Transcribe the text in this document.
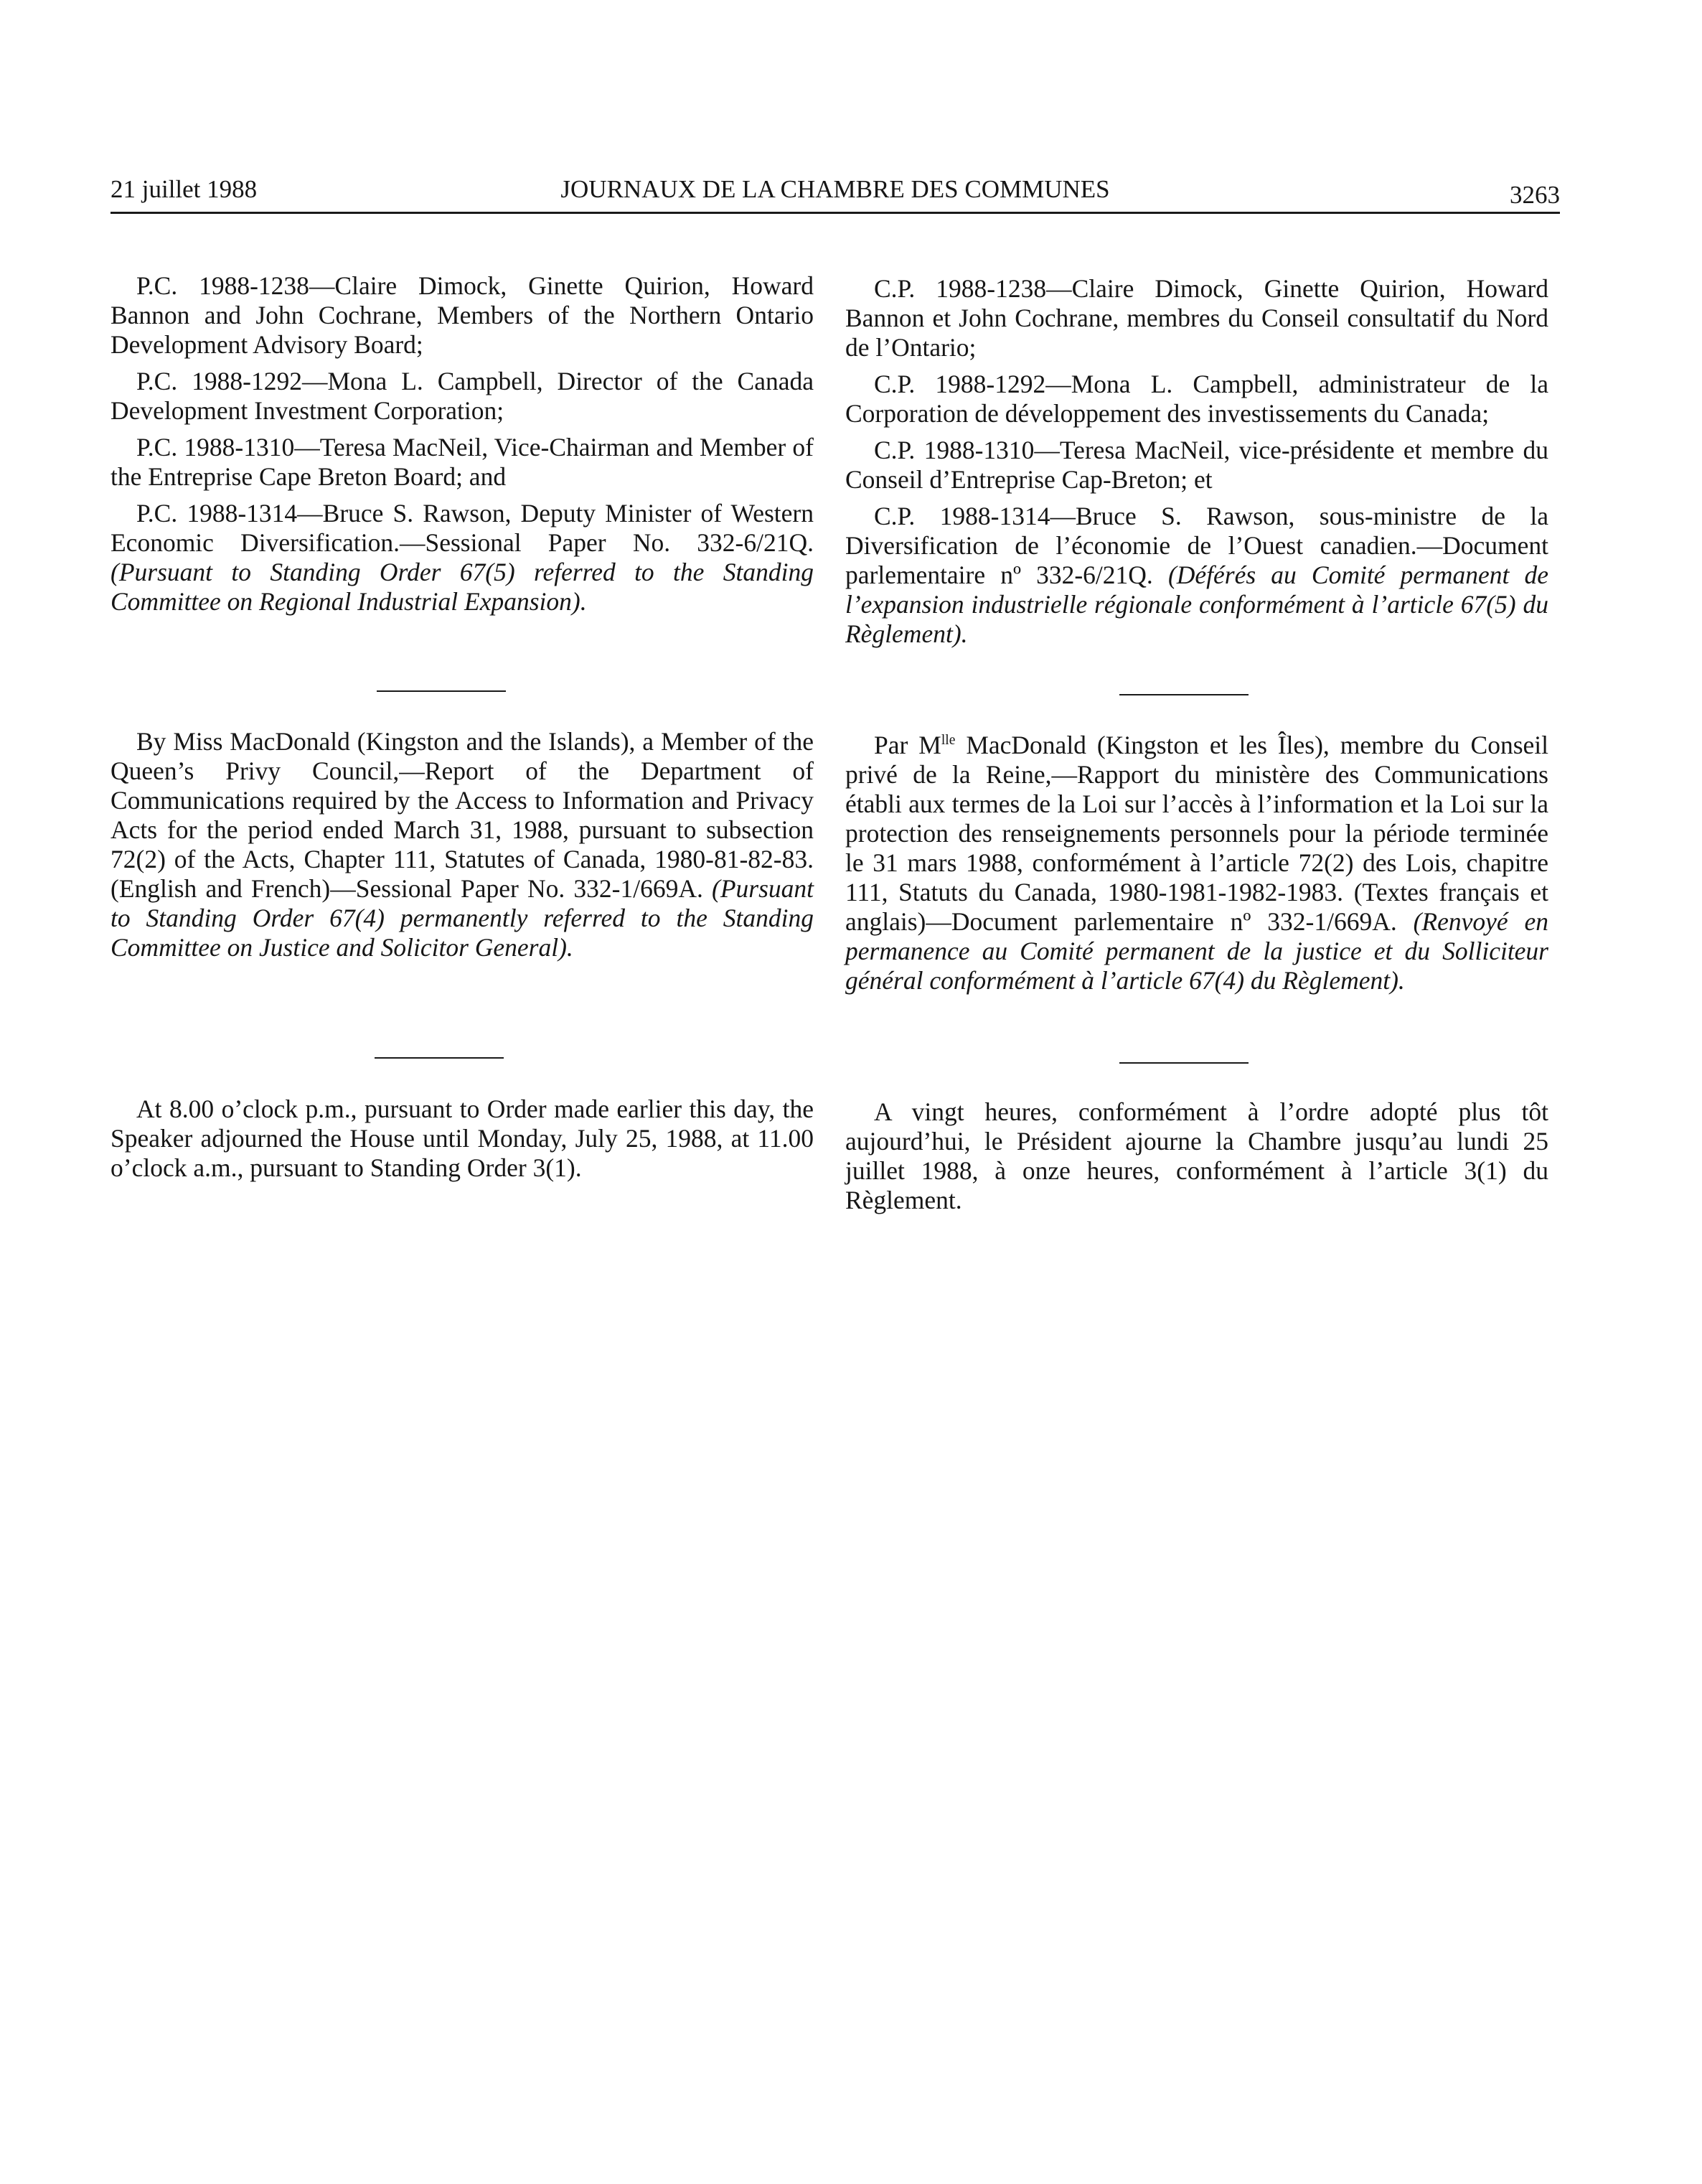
21 juillet 1988	JOURNAUX DE LA CHAMBRE DES COMMUNES	3263

P.C. 1988-1238—Claire Dimock, Ginette Quirion, Howard Bannon and John Cochrane, Members of the Northern Ontario Development Advisory Board;

P.C. 1988-1292—Mona L. Campbell, Director of the Canada Development Investment Corporation;

P.C. 1988-1310—Teresa MacNeil, Vice-Chairman and Member of the Entreprise Cape Breton Board; and

P.C. 1988-1314—Bruce S. Rawson, Deputy Minister of Western Economic Diversification.—Sessional Paper No. 332-6/21Q. (Pursuant to Standing Order 67(5) referred to the Standing Committee on Regional Industrial Expansion).

C.P. 1988-1238—Claire Dimock, Ginette Quirion, Howard Bannon et John Cochrane, membres du Conseil consultatif du Nord de l’Ontario;

C.P. 1988-1292—Mona L. Campbell, administrateur de la Corporation de développement des investissements du Canada;

C.P. 1988-1310—Teresa MacNeil, vice-présidente et membre du Conseil d’Entreprise Cap-Breton; et

C.P. 1988-1314—Bruce S. Rawson, sous-ministre de la Diversification de l’économie de l’Ouest canadien.—Document parlementaire nº 332-6/21Q. (Déférés au Comité permanent de l’expansion industrielle régionale conformément à l’article 67(5) du Règlement).

By Miss MacDonald (Kingston and the Islands), a Member of the Queen’s Privy Council,—Report of the Department of Communications required by the Access to Information and Privacy Acts for the period ended March 31, 1988, pursuant to subsection 72(2) of the Acts, Chapter 111, Statutes of Canada, 1980-81-82-83. (English and French)—Sessional Paper No. 332-1/669A. (Pursuant to Standing Order 67(4) permanently referred to the Standing Committee on Justice and Solicitor General).

Par $M^{lle}$ MacDonald (Kingston et les Îles), membre du Conseil privé de la Reine,—Rapport du ministère des Communications établi aux termes de la Loi sur l’accès à l’information et la Loi sur la protection des renseignements personnels pour la période terminée le 31 mars 1988, conformément à l’article 72(2) des Lois, chapitre 111, Statuts du Canada, 1980-1981-1982-1983. (Textes français et anglais)—Document parlementaire nº 332-1/669A. (Renvoyé en permanence au Comité permanent de la justice et du Solliciteur général conformément à l’article 67(4) du Règlement).

At 8.00 o’clock p.m., pursuant to Order made earlier this day, the Speaker adjourned the House until Monday, July 25, 1988, at 11.00 o’clock a.m., pursuant to Standing Order 3(1).

A vingt heures, conformément à l’ordre adopté plus tôt aujourd’hui, le Président ajourne la Chambre jusqu’au lundi 25 juillet 1988, à onze heures, conformément à l’article 3(1) du Règlement.
